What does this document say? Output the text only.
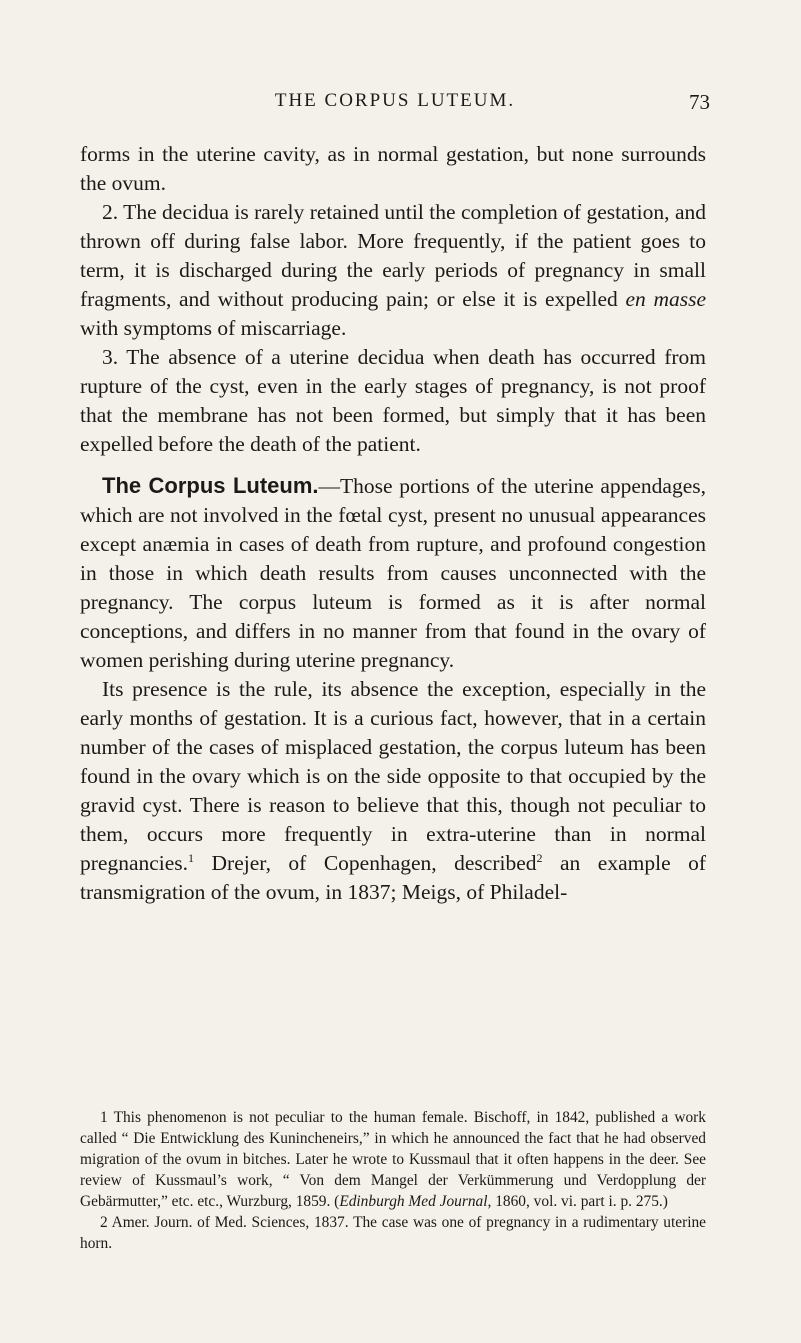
THE CORPUS LUTEUM.	73

forms in the uterine cavity, as in normal gestation, but none surrounds the ovum.

2. The decidua is rarely retained until the completion of gestation, and thrown off during false labor. More frequently, if the patient goes to term, it is discharged during the early periods of pregnancy in small fragments, and without producing pain; or else it is expelled en masse with symptoms of miscarriage.

3. The absence of a uterine decidua when death has occurred from rupture of the cyst, even in the early stages of pregnancy, is not proof that the membrane has not been formed, but simply that it has been expelled before the death of the patient.

The Corpus Luteum.—Those portions of the uterine appendages, which are not involved in the fœtal cyst, present no unusual appearances except anæmia in cases of death from rupture, and profound congestion in those in which death results from causes unconnected with the pregnancy. The corpus luteum is formed as it is after normal conceptions, and differs in no manner from that found in the ovary of women perishing during uterine pregnancy.

Its presence is the rule, its absence the exception, especially in the early months of gestation. It is a curious fact, however, that in a certain number of the cases of misplaced gestation, the corpus luteum has been found in the ovary which is on the side opposite to that occupied by the gravid cyst. There is reason to believe that this, though not peculiar to them, occurs more frequently in extra-uterine than in normal pregnancies.$^1$ Drejer, of Copenhagen, described$^2$ an example of transmigration of the ovum, in 1837; Meigs, of Philadel-

1 This phenomenon is not peculiar to the human female. Bischoff, in 1842, published a work called “ Die Entwicklung des Kunincheneirs,” in which he announced the fact that he had observed migration of the ovum in bitches. Later he wrote to Kussmaul that it often happens in the deer. See review of Kussmaul’s work, “ Von dem Mangel der Verkümmerung und Verdopplung der Gebärmutter,” etc. etc., Wurzburg, 1859. (Edinburgh Med Journal, 1860, vol. vi. part i. p. 275.)

2 Amer. Journ. of Med. Sciences, 1837. The case was one of pregnancy in a rudimentary uterine horn.
